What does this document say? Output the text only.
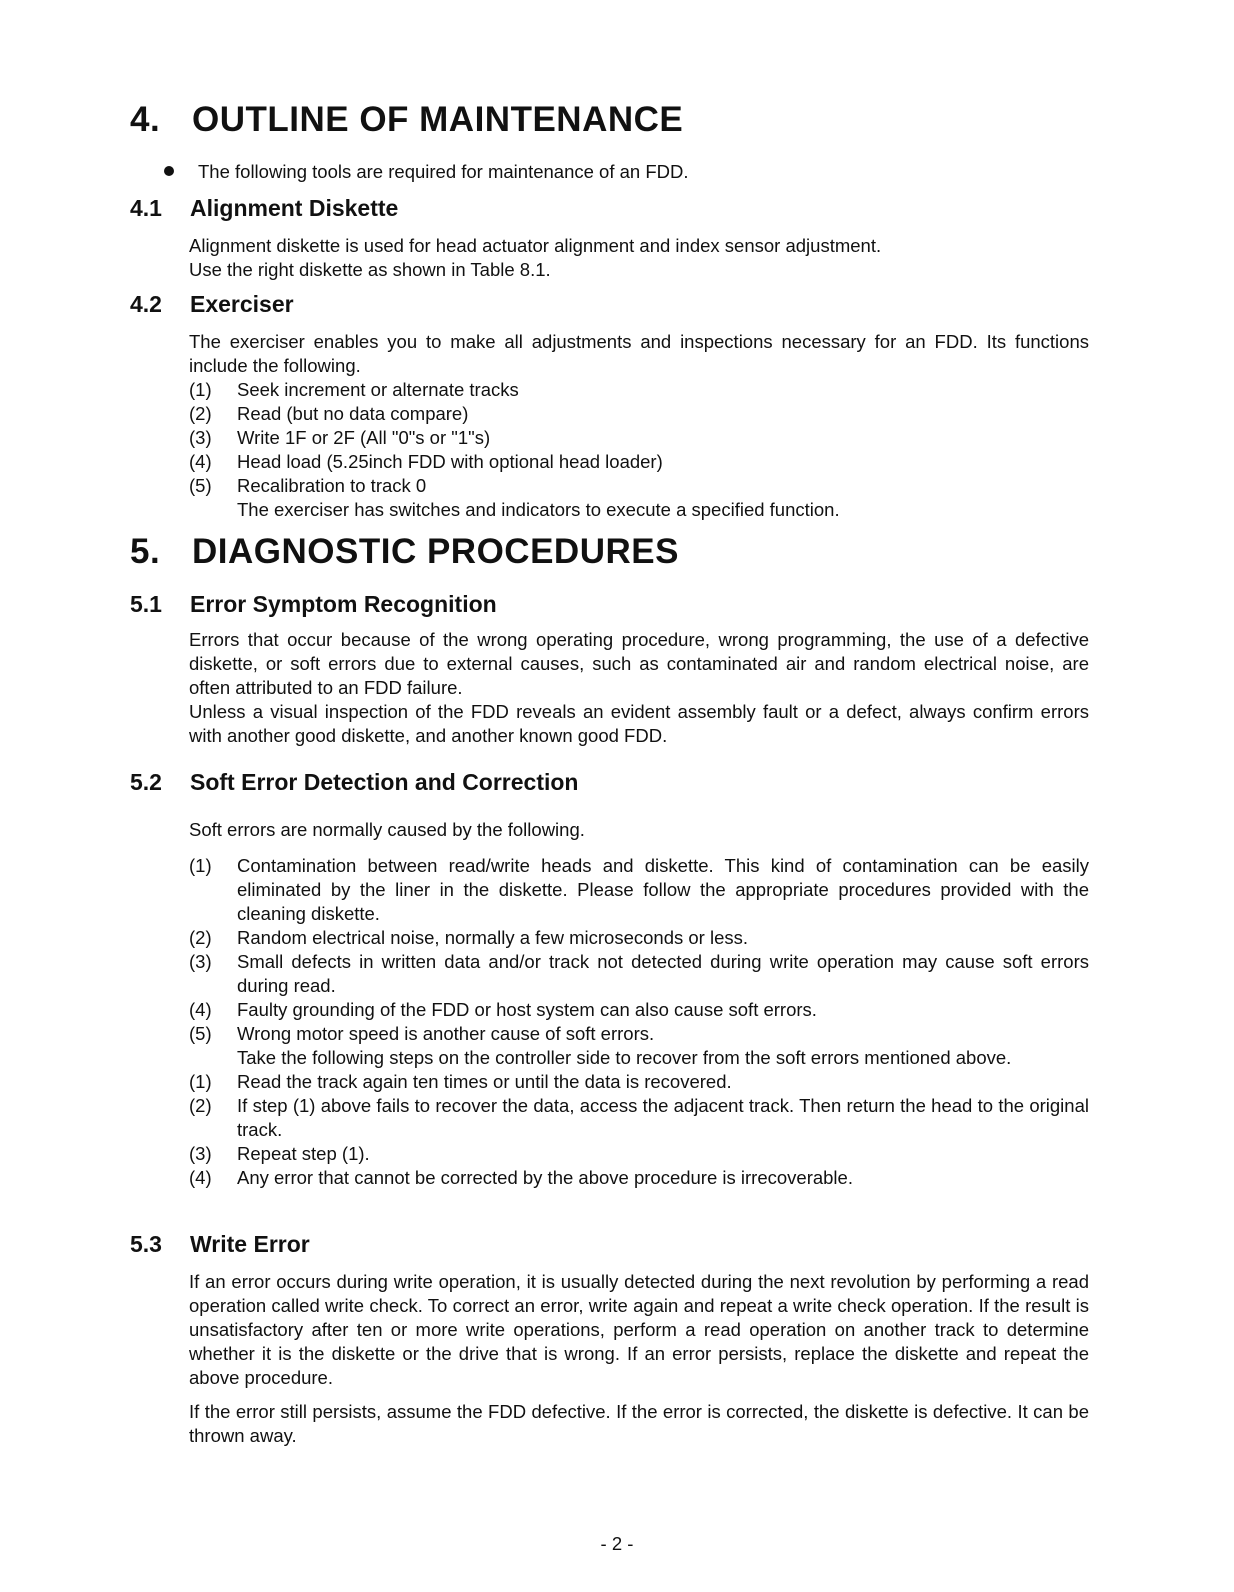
4. OUTLINE OF MAINTENANCE
The following tools are required for maintenance of an FDD.
4.1 Alignment Diskette
Alignment diskette is used for head actuator alignment and index sensor adjustment.
Use the right diskette as shown in Table 8.1.
4.2 Exerciser
The exerciser enables you to make all adjustments and inspections necessary for an FDD. Its functions include the following.
(1) Seek increment or alternate tracks
(2) Read (but no data compare)
(3) Write 1F or 2F (All "0"s or "1"s)
(4) Head load (5.25inch FDD with optional head loader)
(5) Recalibration to track 0
The exerciser has switches and indicators to execute a specified function.
5. DIAGNOSTIC PROCEDURES
5.1 Error Symptom Recognition
Errors that occur because of the wrong operating procedure, wrong programming, the use of a defective diskette, or soft errors due to external causes, such as contaminated air and random electrical noise, are often attributed to an FDD failure.
Unless a visual inspection of the FDD reveals an evident assembly fault or a defect, always confirm errors with another good diskette, and another known good FDD.
5.2 Soft Error Detection and Correction
Soft errors are normally caused by the following.
(1) Contamination between read/write heads and diskette. This kind of contamination can be easily eliminated by the liner in the diskette. Please follow the appropriate procedures provided with the cleaning diskette.
(2) Random electrical noise, normally a few microseconds or less.
(3) Small defects in written data and/or track not detected during write operation may cause soft errors during read.
(4) Faulty grounding of the FDD or host system can also cause soft errors.
(5) Wrong motor speed is another cause of soft errors.
Take the following steps on the controller side to recover from the soft errors mentioned above.
(1) Read the track again ten times or until the data is recovered.
(2) If step (1) above fails to recover the data, access the adjacent track. Then return the head to the original track.
(3) Repeat step (1).
(4) Any error that cannot be corrected by the above procedure is irrecoverable.
5.3 Write Error
If an error occurs during write operation, it is usually detected during the next revolution by performing a read operation called write check. To correct an error, write again and repeat a write check operation. If the result is unsatisfactory after ten or more write operations, perform a read operation on another track to determine whether it is the diskette or the drive that is wrong. If an error persists, replace the diskette and repeat the above procedure.
If the error still persists, assume the FDD defective. If the error is corrected, the diskette is defective. It can be thrown away.
- 2 -
